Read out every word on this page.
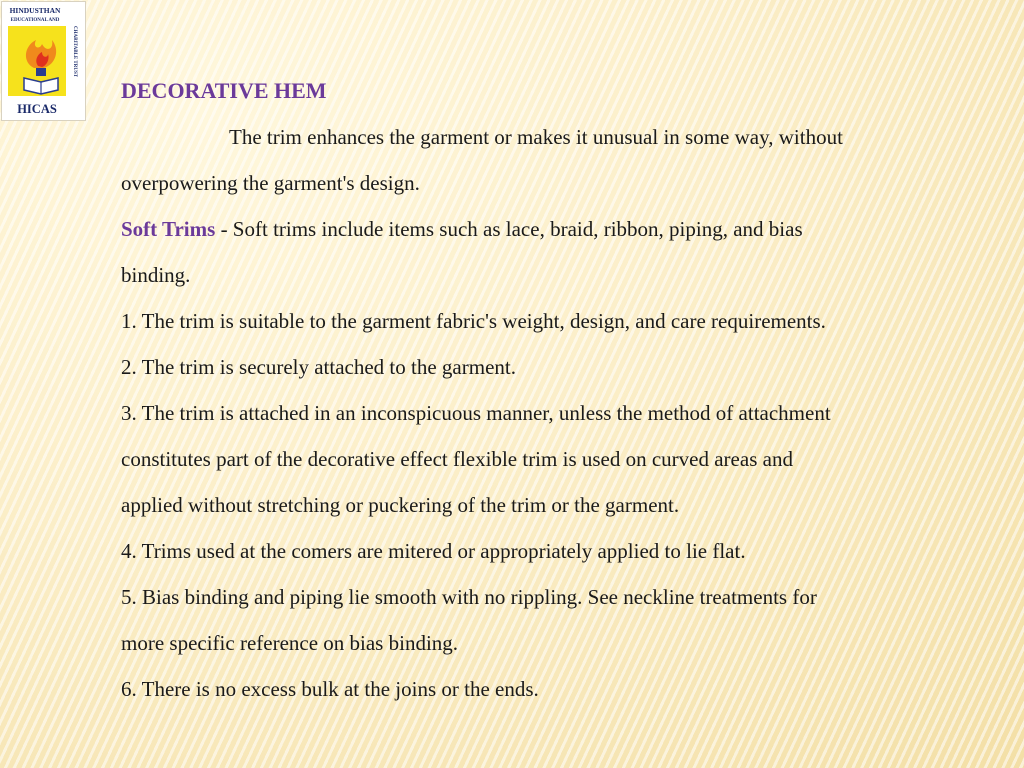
HINDUSTHAN
EDUCATIONAL AND
CHARITABLE TRUST
HICAS

DECORATIVE HEM

The trim enhances the garment or makes it unusual in some way, without

overpowering the garment's design.

Soft Trims - Soft trims include items such as lace, braid, ribbon, piping, and bias

binding.

1. The trim is suitable to the garment fabric's weight, design, and care requirements.

2. The trim is securely attached to the garment.

3. The trim is attached in an inconspicuous manner, unless the method of attachment

constitutes part of the decorative effect flexible trim is used on curved areas and

applied without stretching or puckering of the trim or the garment.

4. Trims used at the comers are mitered or appropriately applied to lie flat.

5. Bias binding and piping lie smooth with no rippling. See neckline treatments for

more specific reference on bias binding.

6. There is no excess bulk at the joins or the ends.
